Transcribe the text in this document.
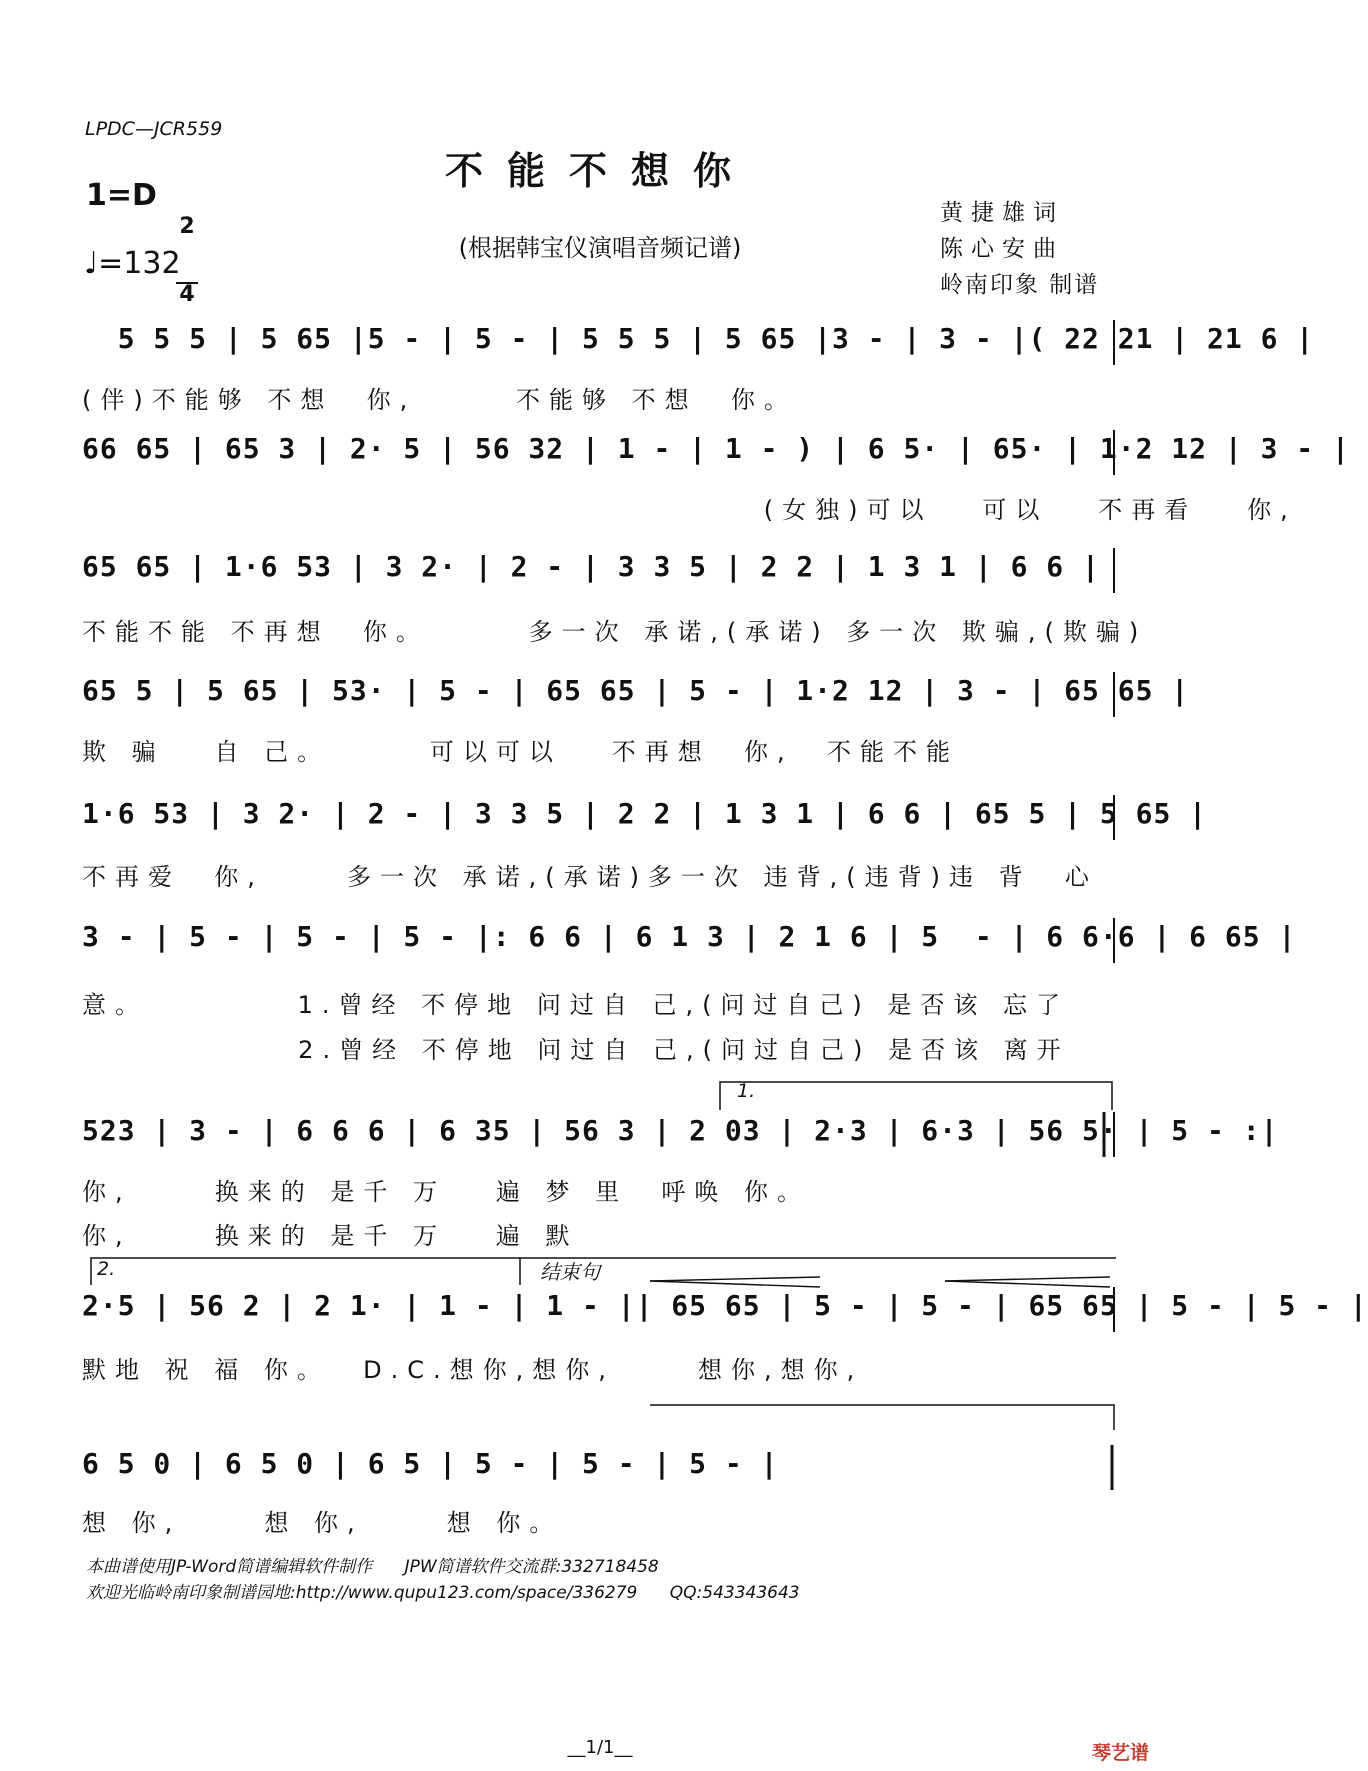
LPDC—JCR559
不能不想你
1=D

$\frac{2}{4}$

♩=132	(根据韩宝仪演唱音频记谱)
黄捷雄词
陈心安曲
岭南印象 制谱
5 5 5 | 5 65 |5 - | 5 - | 5 5 5 | 5 65 |3 - | 3 - |( 22 21 | 21 6 |
(伴)不能够 不想  你,      不能够 不想  你。
66 65 | 65 3 | 2· 5 | 56 32 | 1 - | 1 - ) | 6 5· | 65· | 1·2 12 | 3 - |
(女独)可以   可以   不再看   你,
65 65 | 1·6 53 | 3 2· | 2 - | 3 3 5 | 2 2 | 1 3 1 | 6 6 |
不能不能 不再想  你。      多一次 承诺,(承诺) 多一次 欺骗,(欺骗)
65 5 | 5 65 | 53· | 5 - | 65 65 | 5 - | 1·2 12 | 3 - | 65 65 |
欺 骗   自 己。      可以可以   不再想  你,  不能不能
1·6 53 | 3 2· | 2 - | 3 3 5 | 2 2 | 1 3 1 | 6 6 | 65 5 | 5 65 |
不再爱  你,     多一次 承诺,(承诺)多一次 违背,(违背)违 背  心
3 - | 5 - | 5 - | 5 - |: 6 6 | 6 1 3 | 2 1 6 | 5  - | 6 6·6 | 6 65 |
意。         1.曾经 不停地 问过自 己,(问过自己) 是否该 忘了
2.曾经 不停地 问过自 己,(问过自己) 是否该 离开
1.
523 | 3 - | 6 6 6 | 6 35 | 56 3 | 2 03 | 2·3 | 6·3 | 56 5· | 5 - :|
你,     换来的 是千 万   遍 梦 里  呼唤 你。
你,     换来的 是千 万   遍 默
2.	结束句
2·5 | 56 2 | 2 1· | 1 - | 1 - || 65 65 | 5 - | 5 - | 65 65 | 5 - | 5 - |
默地 祝 福 你。  D.C.想你,想你,     想你,想你,
6 5 0 | 6 5 0 | 6 5 | 5 - | 5 - | 5 - |
想 你,     想 你,     想 你。
本曲谱使用JP-Word简谱编辑软件制作      JPW简谱软件交流群:332718458
欢迎光临岭南印象制谱园地:http://www.qupu123.com/space/336279      QQ:543343643
__1/1__	琴艺谱
